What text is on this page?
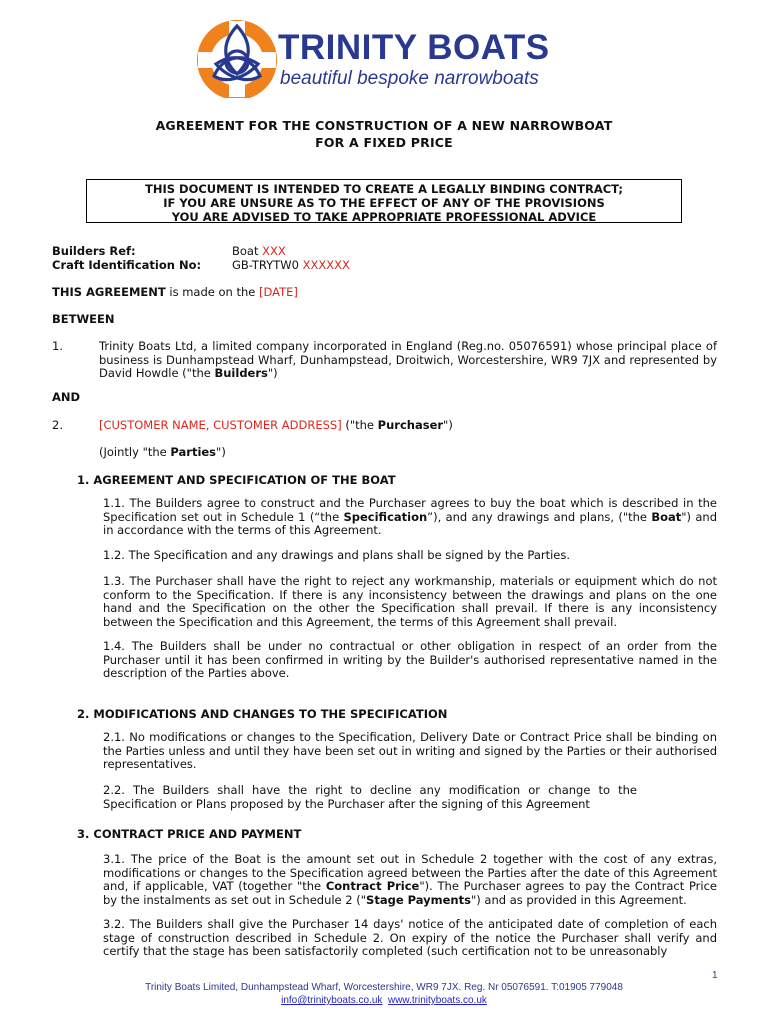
TRINITY BOATS
beautiful bespoke narrowboats
AGREEMENT FOR THE CONSTRUCTION OF A NEW NARROWBOAT
FOR A FIXED PRICE
THIS DOCUMENT IS INTENDED TO CREATE A LEGALLY BINDING CONTRACT;
IF YOU ARE UNSURE AS TO THE EFFECT OF ANY OF THE PROVISIONS
YOU ARE ADVISED TO TAKE APPROPRIATE PROFESSIONAL ADVICE
Builders Ref:	Boat XXX
Craft Identification No:	GB-TRYTW0 XXXXXX
THIS AGREEMENT is made on the [DATE]
BETWEEN
1.	Trinity Boats Ltd, a limited company incorporated in England (Reg.no. 05076591) whose principal place of business is Dunhampstead Wharf, Dunhampstead, Droitwich, Worcestershire, WR9 7JX and represented by David Howdle ("the Builders")
AND
2.	[CUSTOMER NAME, CUSTOMER ADDRESS] ("the Purchaser")
(Jointly "the Parties")
1. AGREEMENT AND SPECIFICATION OF THE BOAT
1.1. The Builders agree to construct and the Purchaser agrees to buy the boat which is described in the Specification set out in Schedule 1 (“the Specification”), and any drawings and plans, ("the Boat") and in accordance with the terms of this Agreement.
1.2. The Specification and any drawings and plans shall be signed by the Parties.
1.3. The Purchaser shall have the right to reject any workmanship, materials or equipment which do not conform to the Specification. If there is any inconsistency between the drawings and plans on the one hand and the Specification on the other the Specification shall prevail. If there is any inconsistency between the Specification and this Agreement, the terms of this Agreement shall prevail.
1.4. The Builders shall be under no contractual or other obligation in respect of an order from the Purchaser until it has been confirmed in writing by the Builder's authorised representative named in the description of the Parties above.
2. MODIFICATIONS AND CHANGES TO THE SPECIFICATION
2.1. No modifications or changes to the Specification, Delivery Date or Contract Price shall be binding on the Parties unless and until they have been set out in writing and signed by the Parties or their authorised representatives.
2.2. The Builders shall have the right to decline any modification or change to the Specification or Plans proposed by the Purchaser after the signing of this Agreement
3. CONTRACT PRICE AND PAYMENT
3.1. The price of the Boat is the amount set out in Schedule 2 together with the cost of any extras, modifications or changes to the Specification agreed between the Parties after the date of this Agreement and, if applicable, VAT (together "the Contract Price"). The Purchaser agrees to pay the Contract Price by the instalments as set out in Schedule 2 ("Stage Payments") and as provided in this Agreement.
3.2. The Builders shall give the Purchaser 14 days' notice of the anticipated date of completion of each stage of construction described in Schedule 2. On expiry of the notice the Purchaser shall verify and certify that the stage has been satisfactorily completed (such certification not to be unreasonably
1
Trinity Boats Limited, Dunhampstead Wharf, Worcestershire, WR9 7JX. Reg. Nr 05076591. T:01905 779048
info@trinityboats.co.uk www.trinityboats.co.uk
